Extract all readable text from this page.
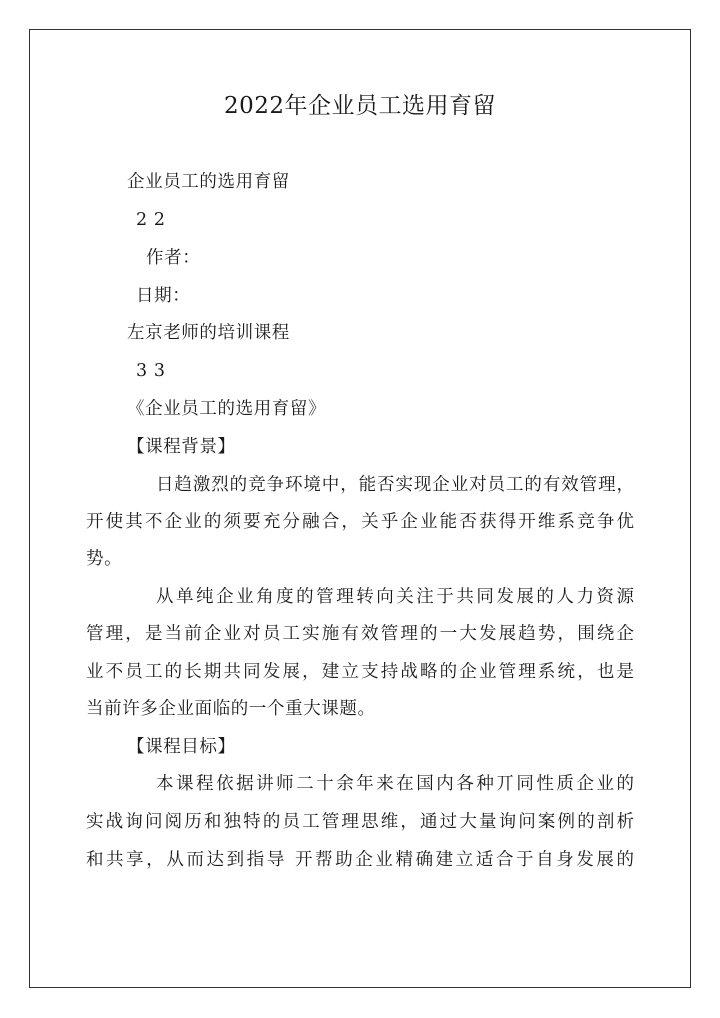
2022年企业员工选用育留
企业员工的选用育留
2 2
作者：
日期：
左京老师的培训课程
3 3
《企业员工的选用育留》
【课程背景】
日趋激烈的竞争环境中，能否实现企业对员工的有效管理，
开使其不企业的须要充分融合，关乎企业能否获得开维系竞争优
势。
从单纯企业角度的管理转向关注于共同发展的人力资源
管理，是当前企业对员工实施有效管理的一大发展趋势，围绕企
业不员工的长期共同发展，建立支持战略的企业管理系统，也是
当前许多企业面临的一个重大课题。
【课程目标】
本课程依据讲师二十余年来在国内各种丌同性质企业的
实战询问阅历和独特的员工管理思维，通过大量询问案例的剖析
和共享，从而达到指导 开帮助企业精确建立适合于自身发展的
